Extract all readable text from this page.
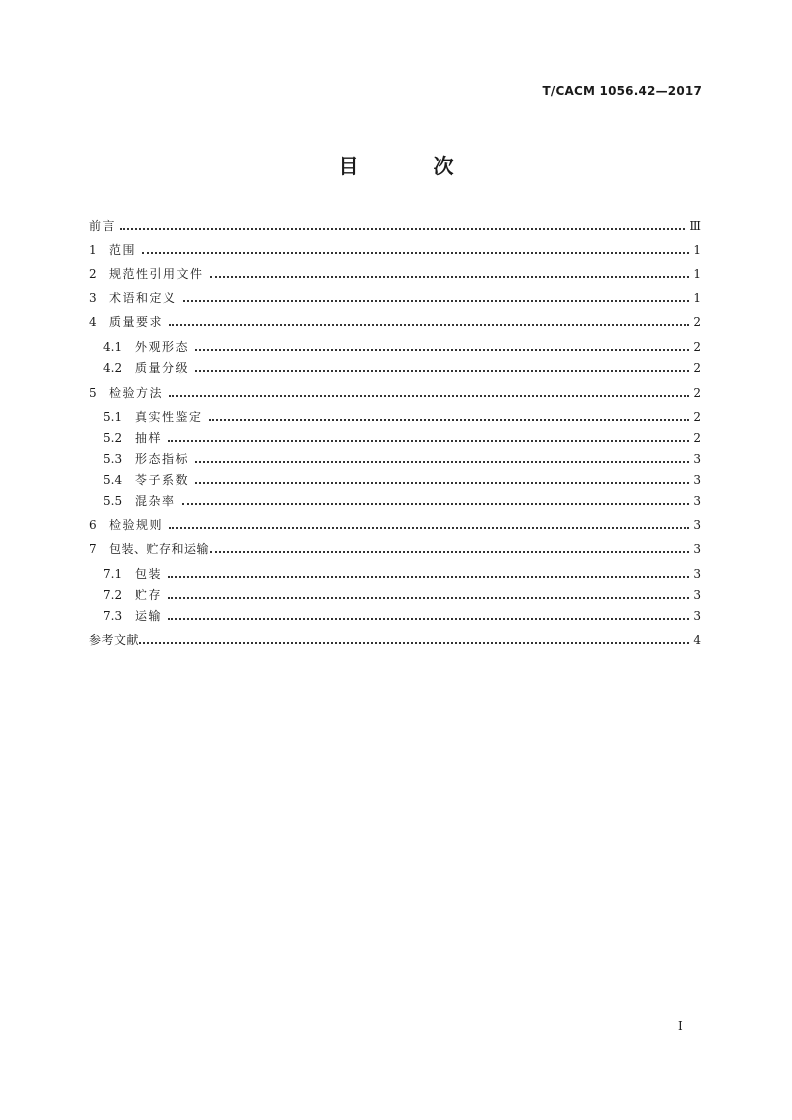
T/CACM 1056.42—2017
目 次
前言	Ⅲ
1	范围	1
2	规范性引用文件	1
3	术语和定义	1
4	质量要求	2
4.1	外观形态	2
4.2	质量分级	2
5	检验方法	2
5.1	真实性鉴定	2
5.2	抽样	2
5.3	形态指标	3
5.4	苓子系数	3
5.5	混杂率	3
6	检验规则	3
7	包装、贮存和运输	3
7.1	包装	3
7.2	贮存	3
7.3	运输	3
参考文献	4
I
